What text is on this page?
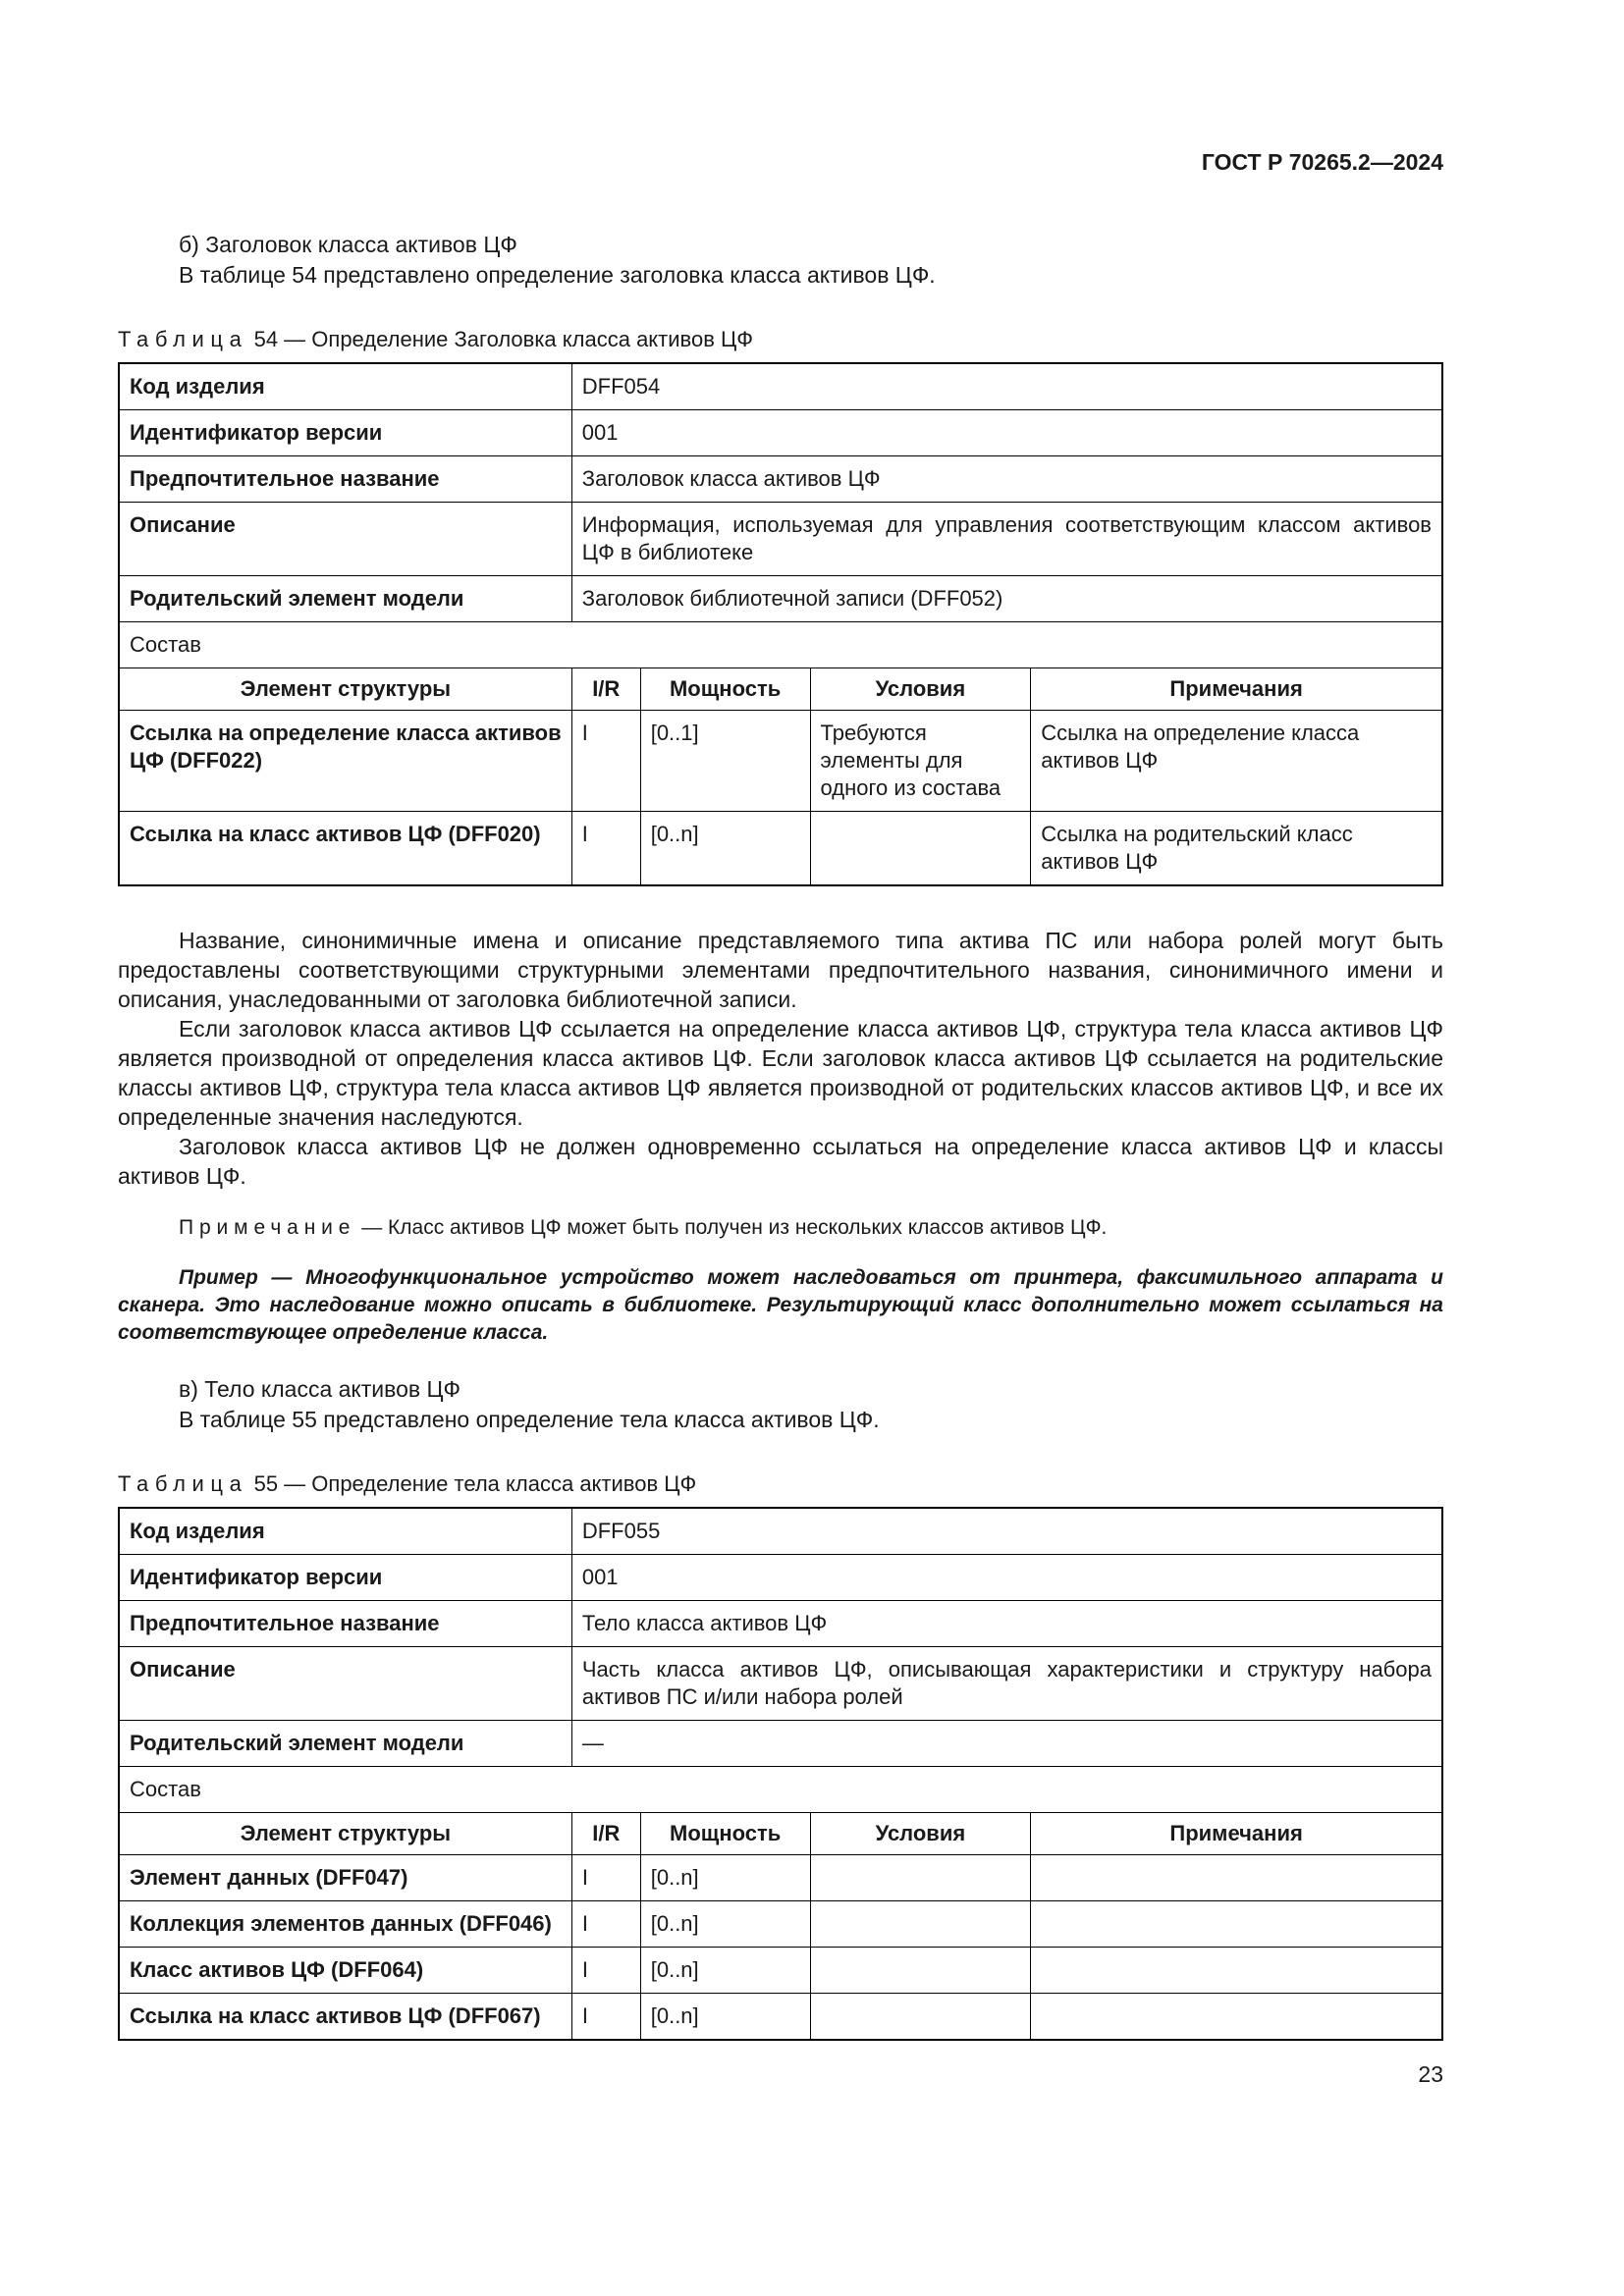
ГОСТ Р 70265.2—2024

б) Заголовок класса активов ЦФ

В таблице 54 представлено определение заголовка класса активов ЦФ.

Таблица 54 — Определение Заголовка класса активов ЦФ

Код изделия	DFF054			
Идентификатор версии	001			
Предпочтительное название	Заголовок класса активов ЦФ			
Описание	Информация, используемая для управления соответствующим классом активов ЦФ в библиотеке			
Родительский элемент модели	Заголовок библиотечной записи (DFF052)			
Состав				
Элемент структуры	I/R	Мощность	Условия	Примечания
Ссылка на определение класса активов ЦФ (DFF022)	I	[0..1]	Требуются элементы для одного из состава	Ссылка на определение класса активов ЦФ
Ссылка на класс активов ЦФ (DFF020)	I	[0..n]		Ссылка на родительский класс активов ЦФ

Название, синонимичные имена и описание представляемого типа актива ПС или набора ролей могут быть предоставлены соответствующими структурными элементами предпочтительного названия, синонимичного имени и описания, унаследованными от заголовка библиотечной записи.

Если заголовок класса активов ЦФ ссылается на определение класса активов ЦФ, структура тела класса активов ЦФ является производной от определения класса активов ЦФ. Если заголовок класса активов ЦФ ссылается на родительские классы активов ЦФ, структура тела класса активов ЦФ является производной от родительских классов активов ЦФ, и все их определенные значения наследуются.

Заголовок класса активов ЦФ не должен одновременно ссылаться на определение класса активов ЦФ и классы активов ЦФ.

Примечание — Класс активов ЦФ может быть получен из нескольких классов активов ЦФ.

Пример — Многофункциональное устройство может наследоваться от принтера, факсимильного аппарата и сканера. Это наследование можно описать в библиотеке. Результирующий класс дополнительно может ссылаться на соответствующее определение класса.

в) Тело класса активов ЦФ

В таблице 55 представлено определение тела класса активов ЦФ.

Таблица 55 — Определение тела класса активов ЦФ

Код изделия	DFF055			
Идентификатор версии	001			
Предпочтительное название	Тело класса активов ЦФ			
Описание	Часть класса активов ЦФ, описывающая характеристики и структуру набора активов ПС и/или набора ролей			
Родительский элемент модели	—			
Состав				
Элемент структуры	I/R	Мощность	Условия	Примечания
Элемент данных (DFF047)	I	[0..n]		
Коллекция элементов данных (DFF046)	I	[0..n]		
Класс активов ЦФ (DFF064)	I	[0..n]		
Ссылка на класс активов ЦФ (DFF067)	I	[0..n]		
23
